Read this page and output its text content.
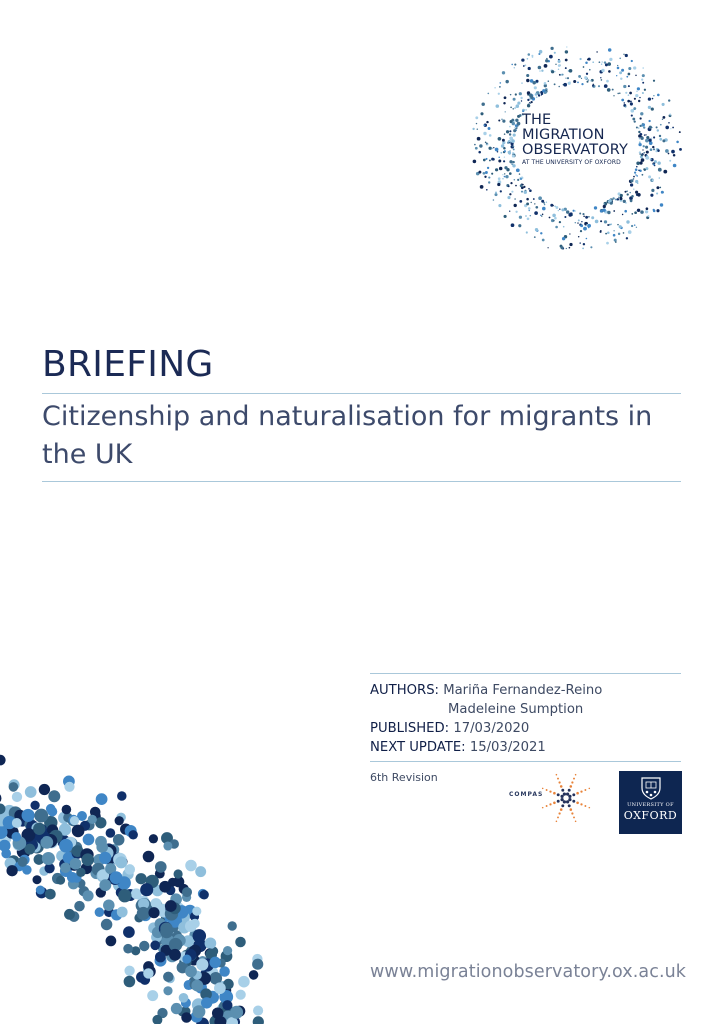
THE
MIGRATION
OBSERVATORY
AT THE UNIVERSITY OF OXFORD
BRIEFING
Citizenship and naturalisation for migrants in the UK
AUTHORS: Mariña Fernandez-Reino
Madeleine Sumption
PUBLISHED: 17/03/2020
NEXT UPDATE: 15/03/2021
6th Revision
COMPAS
UNIVERSITY OF
OXFORD
www.migrationobservatory.ox.ac.uk
